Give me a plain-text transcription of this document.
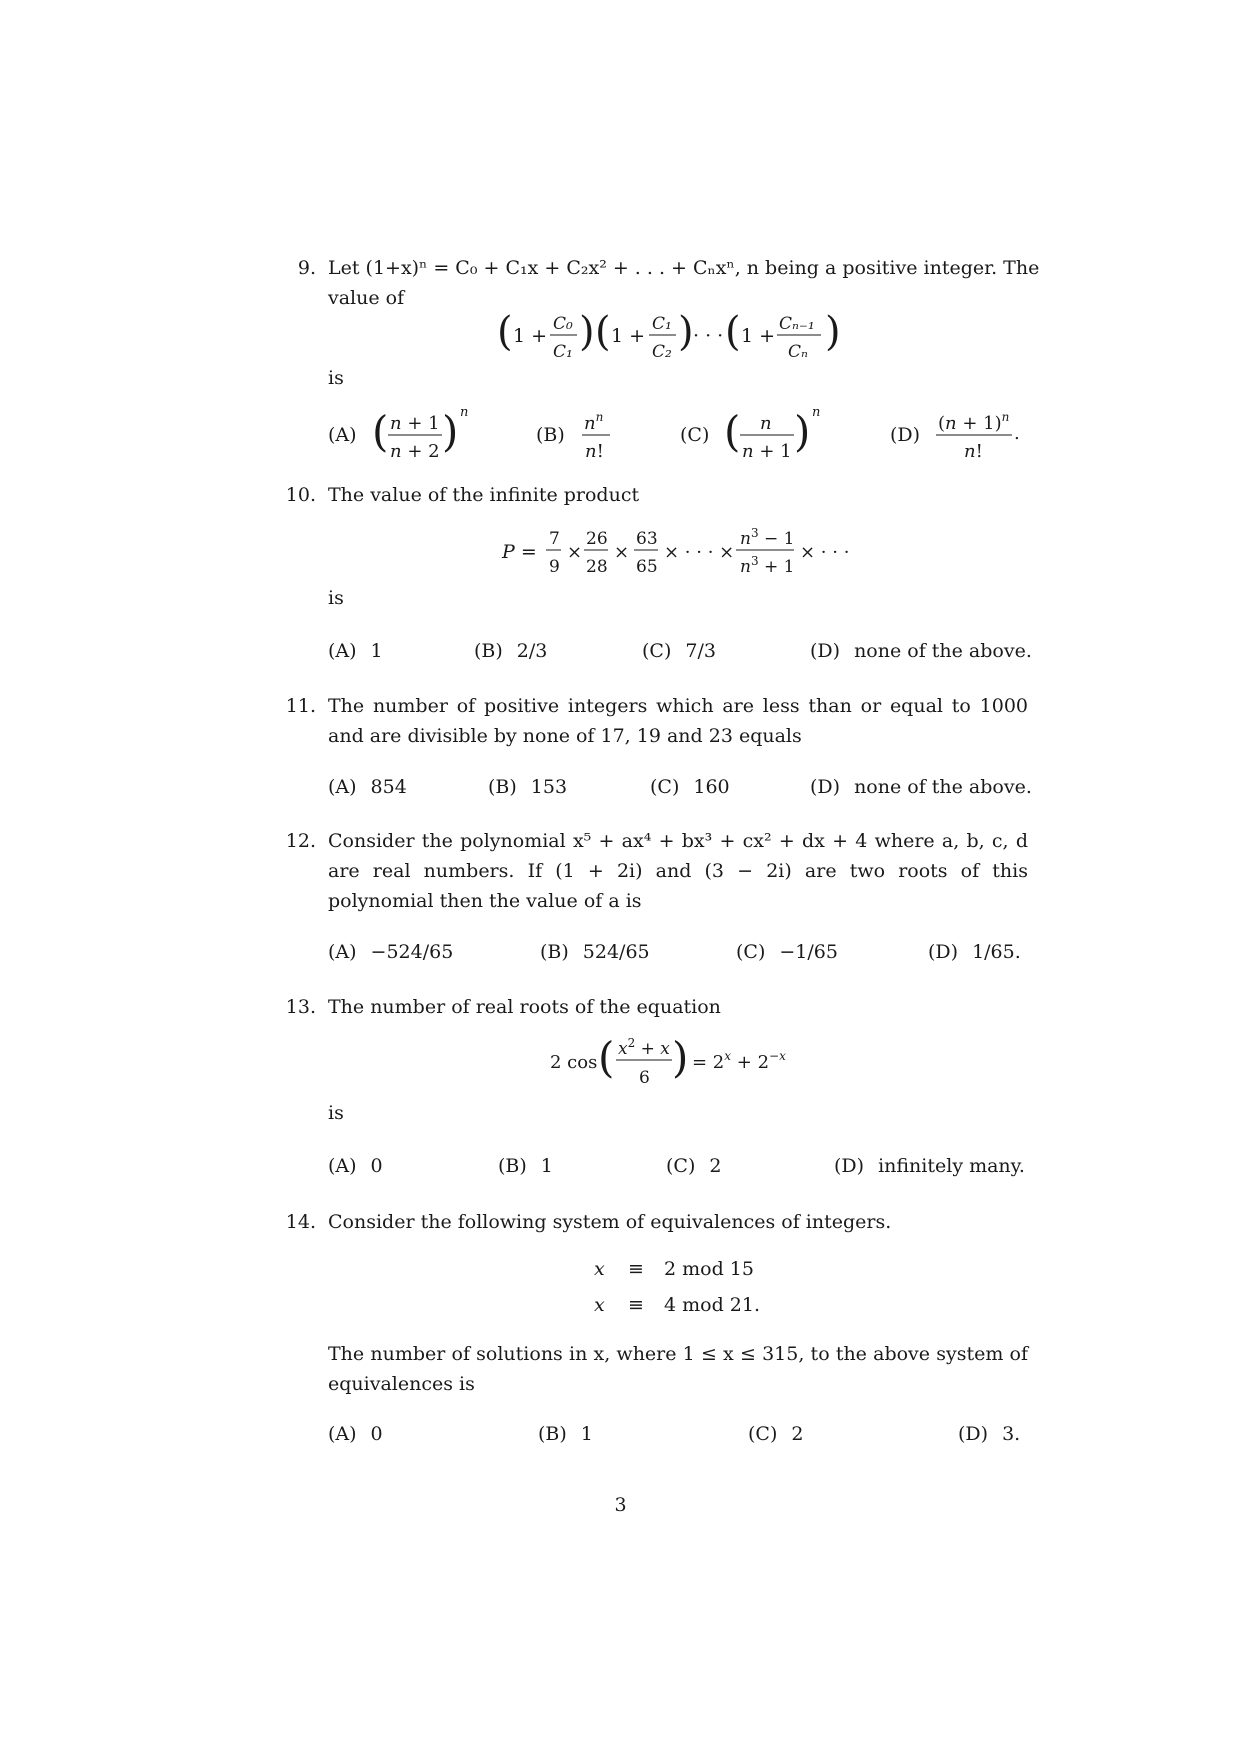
9. Let (1+x)ⁿ = C₀ + C₁x + C₂x² + . . . + Cₙxⁿ, n being a positive integer. The
value of
( 1 +
C₀
C₁ ) ( 1 +
C₁
C₂ ) · · · ( 1 +
Cₙ₋₁
Cₙ )
is
(A) ( n + 1
n + 2 ) n
(B)
$n^n$
n!
(C) ( n
n + 1 ) n
(D)
$(n + 1)^n$
n!
.
10. The value of the infinite product
P =
7
9
×
26
28
×
63
65
× · · · ×
$n^3 - 1$
$n^3 + 1$
× · · ·
is
(A) 1	(B) 2/3	(C) 7/3	(D) none of the above.
11. The number of positive integers which are less than or equal to 1000 and are divisible by none of 17, 19 and 23 equals
(A) 854	(B) 153	(C) 160	(D) none of the above.
12. Consider the polynomial x⁵ + ax⁴ + bx³ + cx² + dx + 4 where a, b, c, d are real numbers. If (1 + 2i) and (3 − 2i) are two roots of this polynomial then the value of a is
(A) −524/65	(B) 524/65	(C) −1/65	(D) 1/65.
13. The number of real roots of the equation
2 cos ( $x^2 + x$
6 ) = $2^x + 2^{-x}$
is
(A) 0	(B) 1	(C) 2	(D) infinitely many.
14. Consider the following system of equivalences of integers.
x ≡ 2 mod 15
x ≡ 4 mod 21.
The number of solutions in x, where 1 ≤ x ≤ 315, to the above system of equivalences is
(A) 0	(B) 1	(C) 2	(D) 3.
3
